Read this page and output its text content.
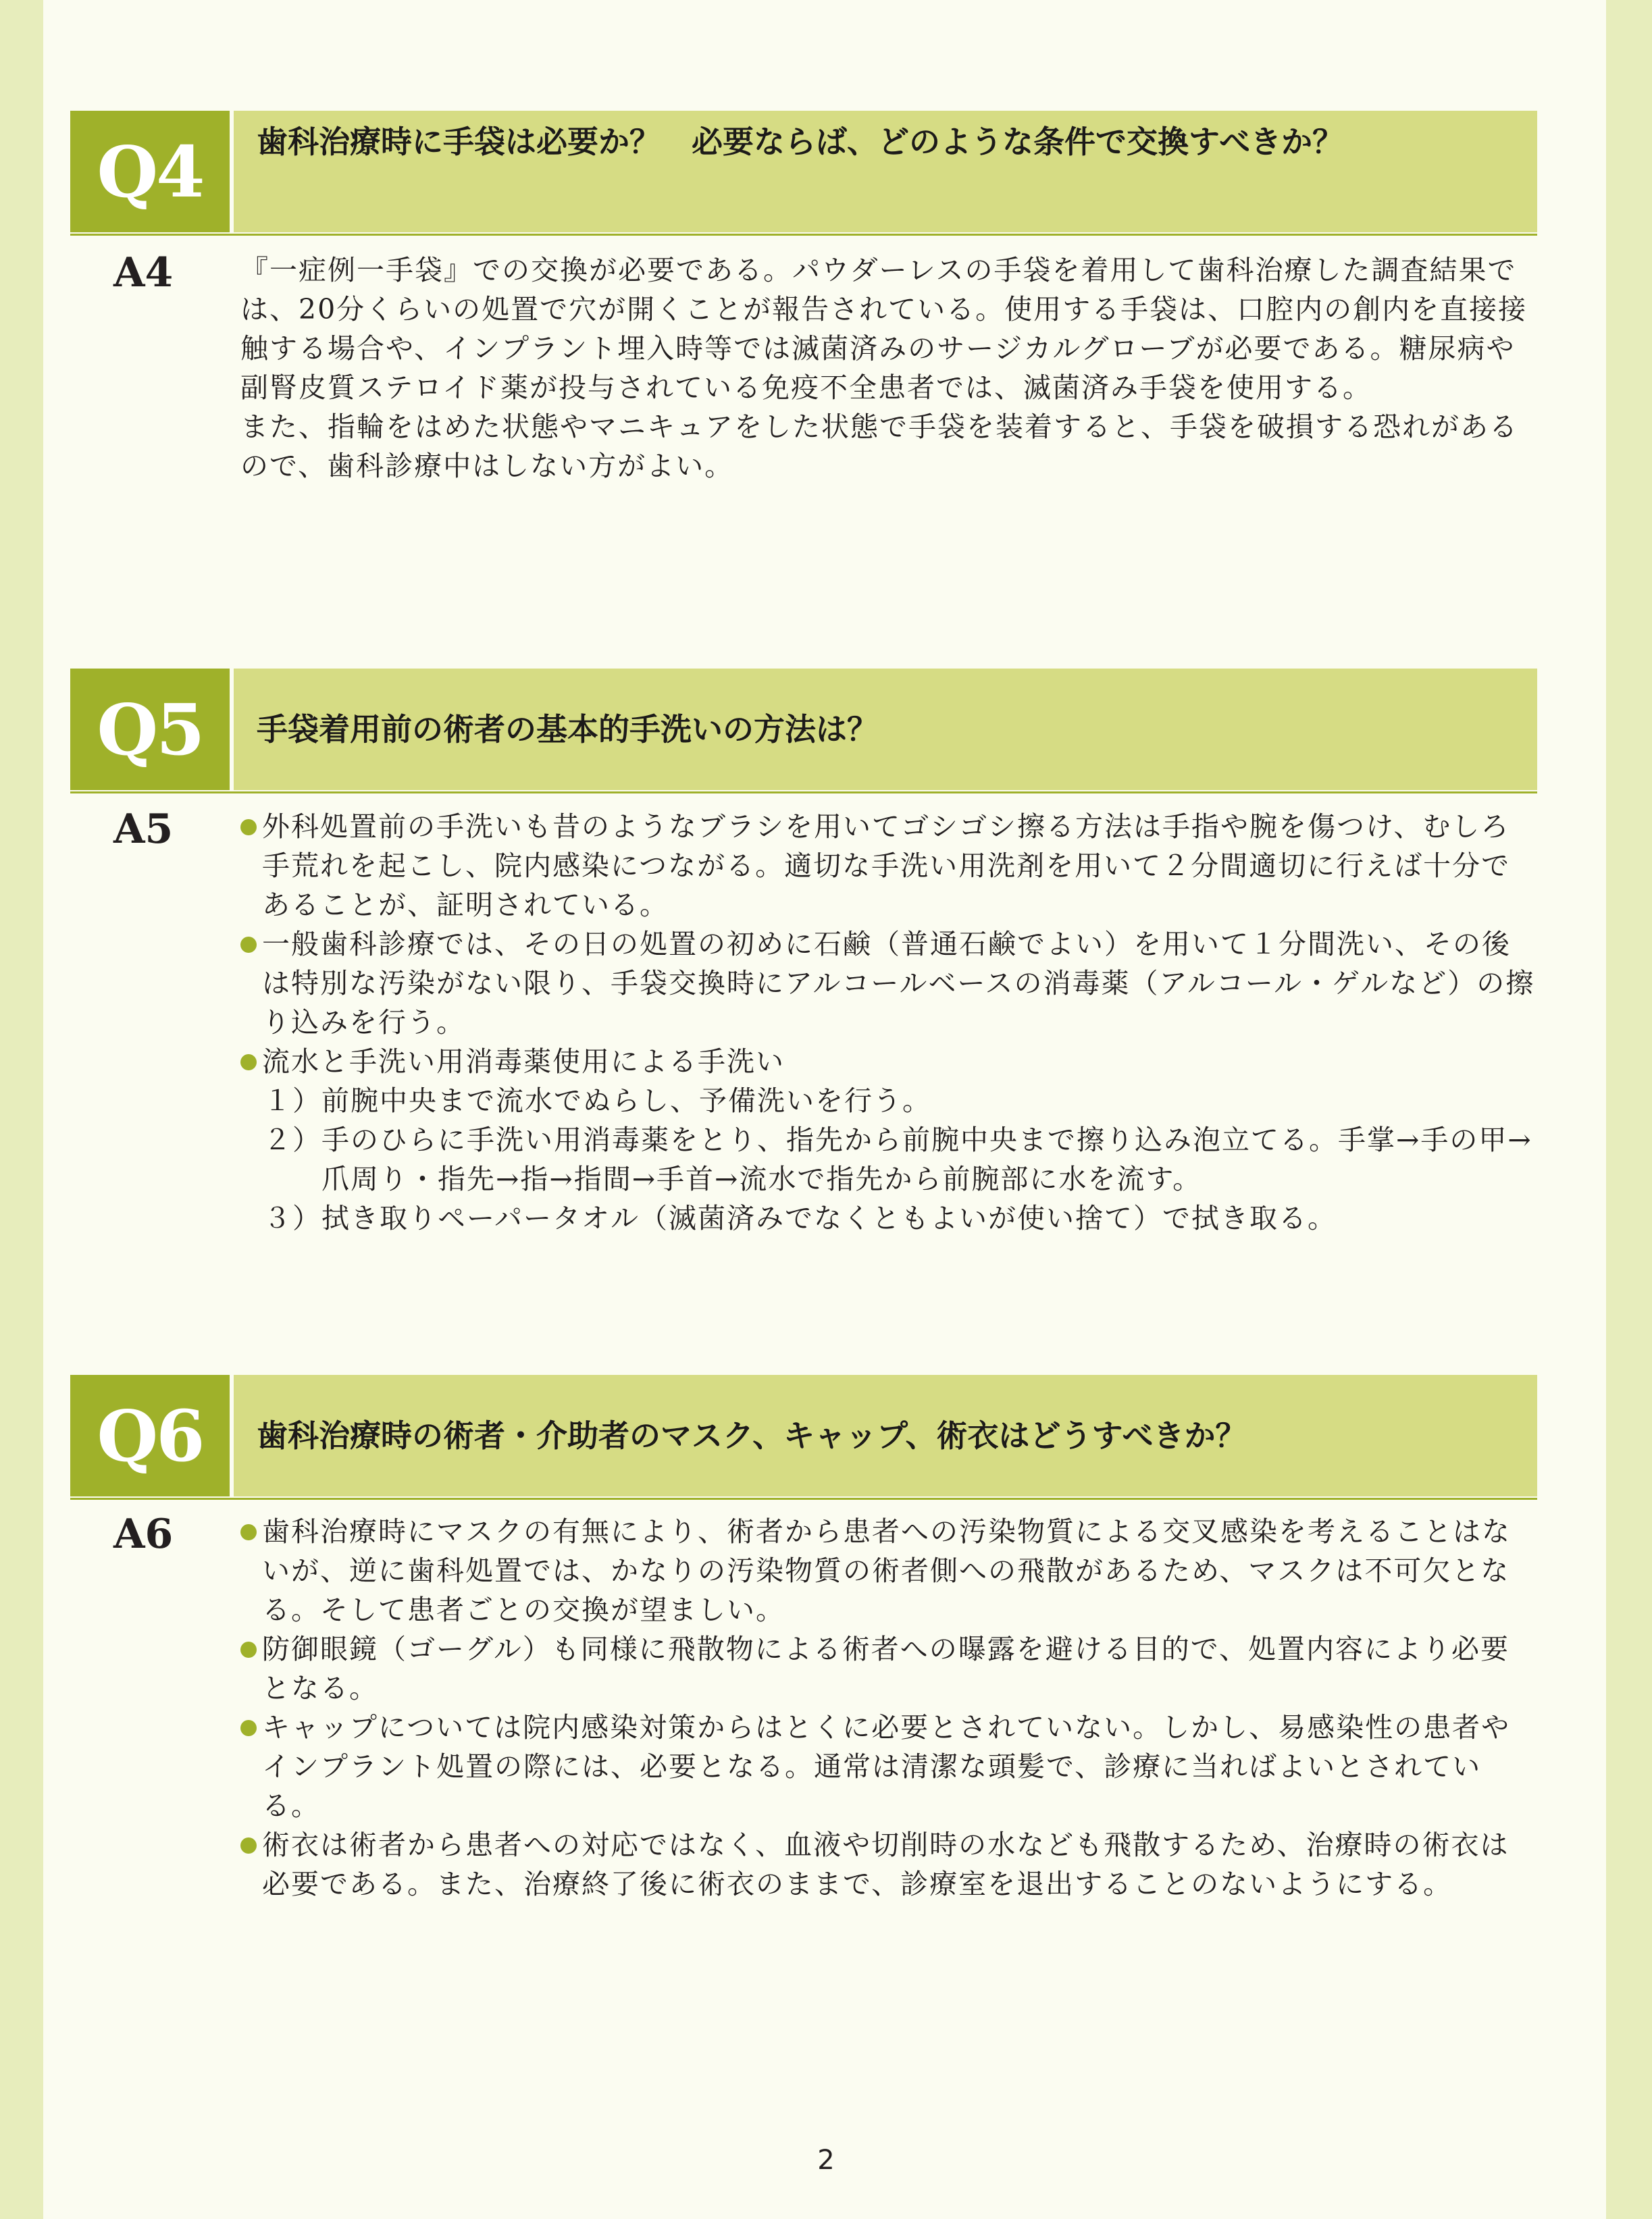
Q4	歯科治療時に手袋は必要か？　必要ならば、どのような条件で交換すべきか？
A4 『一症例一手袋』での交換が必要である。パウダーレスの手袋を着用して歯科治療した調査結果では、20分くらいの処置で穴が開くことが報告されている。使用する手袋は、口腔内の創内を直接接触する場合や、インプラント埋入時等では滅菌済みのサージカルグローブが必要である。糖尿病や副腎皮質ステロイド薬が投与されている免疫不全患者では、滅菌済み手袋を使用する。

また、指輪をはめた状態やマニキュアをした状態で手袋を装着すると、手袋を破損する恐れがあるので、歯科診療中はしない方がよい。

Q5	手袋着用前の術者の基本的手洗いの方法は？
A5	外科処置前の手洗いも昔のようなブラシを用いてゴシゴシ擦る方法は手指や腕を傷つけ、むしろ手荒れを起こし、院内感染につながる。適切な手洗い用洗剤を用いて２分間適切に行えば十分であることが、証明されている。
一般歯科診療では、その日の処置の初めに石鹸（普通石鹸でよい）を用いて１分間洗い、その後は特別な汚染がない限り、手袋交換時にアルコールベースの消毒薬（アルコール・ゲルなど）の擦り込みを行う。
流水と手洗い用消毒薬使用による手洗い
１） 前腕中央まで流水でぬらし、予備洗いを行う。
２） 手のひらに手洗い用消毒薬をとり、指先から前腕中央まで擦り込み泡立てる。手掌→手の甲→爪周り・指先→指→指間→手首→流水で指先から前腕部に水を流す。
３） 拭き取りペーパータオル（滅菌済みでなくともよいが使い捨て）で拭き取る。
Q6	歯科治療時の術者・介助者のマスク、キャップ、術衣はどうすべきか？
A6	歯科治療時にマスクの有無により、術者から患者への汚染物質による交叉感染を考えることはないが、逆に歯科処置では、かなりの汚染物質の術者側への飛散があるため、マスクは不可欠となる。そして患者ごとの交換が望ましい。
防御眼鏡（ゴーグル）も同様に飛散物による術者への曝露を避ける目的で、処置内容により必要となる。
キャップについては院内感染対策からはとくに必要とされていない。しかし、易感染性の患者やインプラント処置の際には、必要となる。通常は清潔な頭髪で、診療に当ればよいとされている。
術衣は術者から患者への対応ではなく、血液や切削時の水なども飛散するため、治療時の術衣は必要である。また、治療終了後に術衣のままで、診療室を退出することのないようにする。
2
